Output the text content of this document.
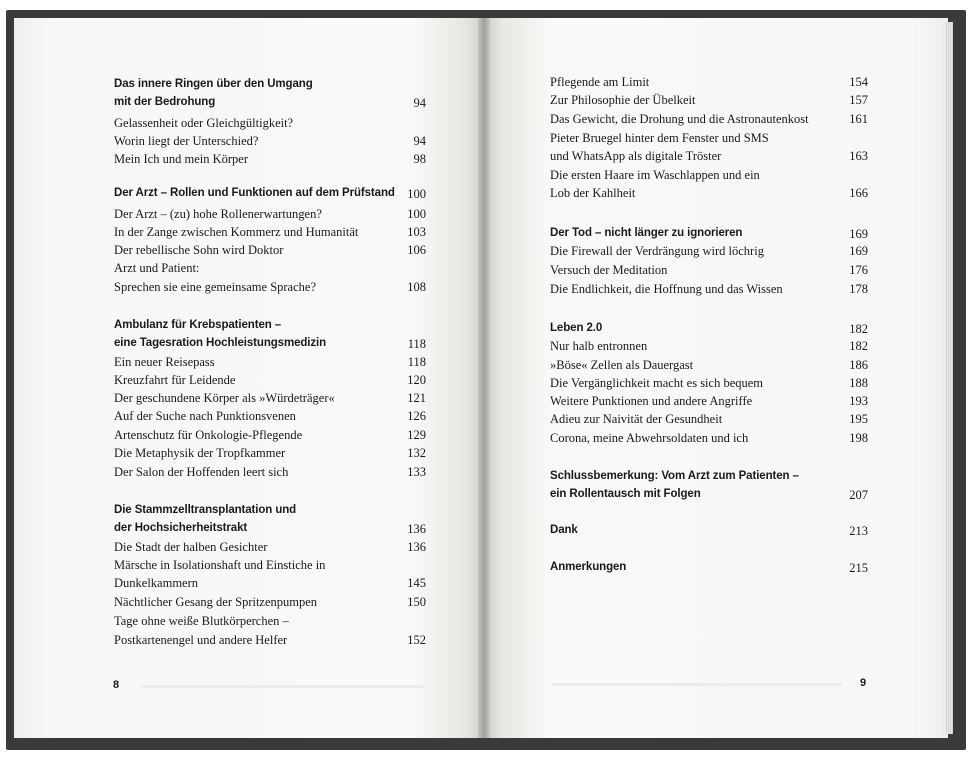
Das innere Ringen über den Umgang
mit der Bedrohung	94
Gelassenheit oder Gleichgültigkeit?
Worin liegt der Unterschied?	94
Mein Ich und mein Körper	98
Der Arzt – Rollen und Funktionen auf dem Prüfstand 100
Der Arzt – (zu) hohe Rollenerwartungen?	100
In der Zange zwischen Kommerz und Humanität	103
Der rebellische Sohn wird Doktor	106
Arzt und Patient:
Sprechen sie eine gemeinsame Sprache?	108
Ambulanz für Krebspatienten –
eine Tagesration Hochleistungsmedizin	118
Ein neuer Reisepass	118
Kreuzfahrt für Leidende	120
Der geschundene Körper als »Würdeträger«	121
Auf der Suche nach Punktionsvenen	126
Artenschutz für Onkologie-Pflegende	129
Die Metaphysik der Tropfkammer	132
Der Salon der Hoffenden leert sich	133
Die Stammzelltransplantation und
der Hochsicherheitstrakt	136
Die Stadt der halben Gesichter	136
Märsche in Isolationshaft und Einstiche in
Dunkelkammern	145
Nächtlicher Gesang der Spritzenpumpen	150
Tage ohne weiße Blutkörperchen –
Postkartenengel und andere Helfer	152
Pflegende am Limit	154
Zur Philosophie der Übelkeit	157
Das Gewicht, die Drohung und die Astronautenkost	161
Pieter Bruegel hinter dem Fenster und SMS
und WhatsApp als digitale Tröster	163
Die ersten Haare im Waschlappen und ein
Lob der Kahlheit	166
Der Tod – nicht länger zu ignorieren	169
Die Firewall der Verdrängung wird löchrig	169
Versuch der Meditation	176
Die Endlichkeit, die Hoffnung und das Wissen	178
Leben 2.0	182
Nur halb entronnen	182
»Böse« Zellen als Dauergast	186
Die Vergänglichkeit macht es sich bequem	188
Weitere Punktionen und andere Angriffe	193
Adieu zur Naivität der Gesundheit	195
Corona, meine Abwehrsoldaten und ich	198
Schlussbemerkung: Vom Arzt zum Patienten –
ein Rollentausch mit Folgen	207
Dank	213
Anmerkungen	215
8	9
